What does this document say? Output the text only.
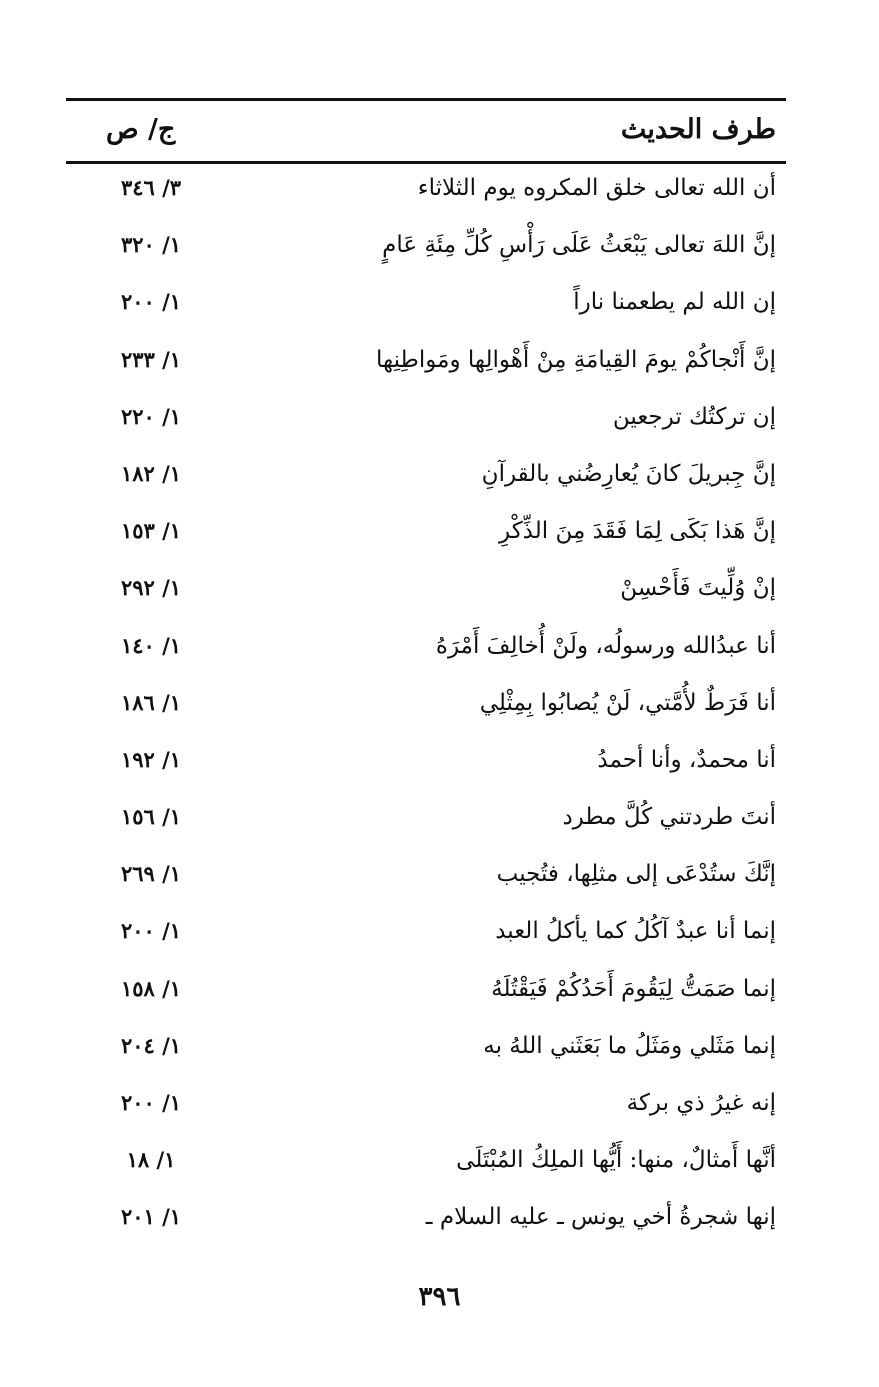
طرف الحديث
ج/ ص
أن الله تعالى خلق المكروه يوم الثلاثاء
٣/ ٣٤٦
إنَّ اللهَ تعالى يَبْعَثُ عَلَى رَأْسِ كُلِّ مِئَةِ عَامٍ
١/ ٣٢٠
إن الله لم يطعمنا ناراً
١/ ٢٠٠
إنَّ أَنْجاكُمْ يومَ القِيامَةِ مِنْ أَهْوالِها ومَواطِنِها
١/ ٢٣٣
إن تركتُك ترجعين
١/ ٢٢٠
إنَّ جِبريلَ كانَ يُعارِضُني بالقرآنِ
١/ ١٨٢
إنَّ هَذا بَكَى لِمَا فَقَدَ مِنَ الذِّكْرِ
١/ ١٥٣
إنْ وُلِّيتَ فَأَحْسِنْ
١/ ٢٩٢
أنا عبدُالله ورسولُه، ولَنْ أُخالِفَ أَمْرَهُ
١/ ١٤٠
أنا فَرَطٌ لأُمَّتي، لَنْ يُصابُوا بِمِثْلِي
١/ ١٨٦
أنا محمدٌ، وأنا أحمدُ
١/ ١٩٢
أنتَ طردتني كُلَّ مطرد
١/ ١٥٦
إنَّكَ ستُدْعَى إلى مثلِها، فتُجيب
١/ ٢٦٩
إنما أنا عبدٌ آكُلُ كما يأكلُ العبد
١/ ٢٠٠
إنما صَمَتُّ لِيَقُومَ أَحَدُكُمْ فَيَقْتُلَهُ
١/ ١٥٨
إنما مَثَلي ومَثَلُ ما بَعَثَني اللهُ به
١/ ٢٠٤
إنه غيرُ ذي بركة
١/ ٢٠٠
أنَّها أَمثالٌ، منها: أَيُّها الملِكُ المُبْتَلَى
١/ ١٨
إنها شجرةُ أخي يونس ـ عليه السلام ـ
١/ ٢٠١
٣٩٦
